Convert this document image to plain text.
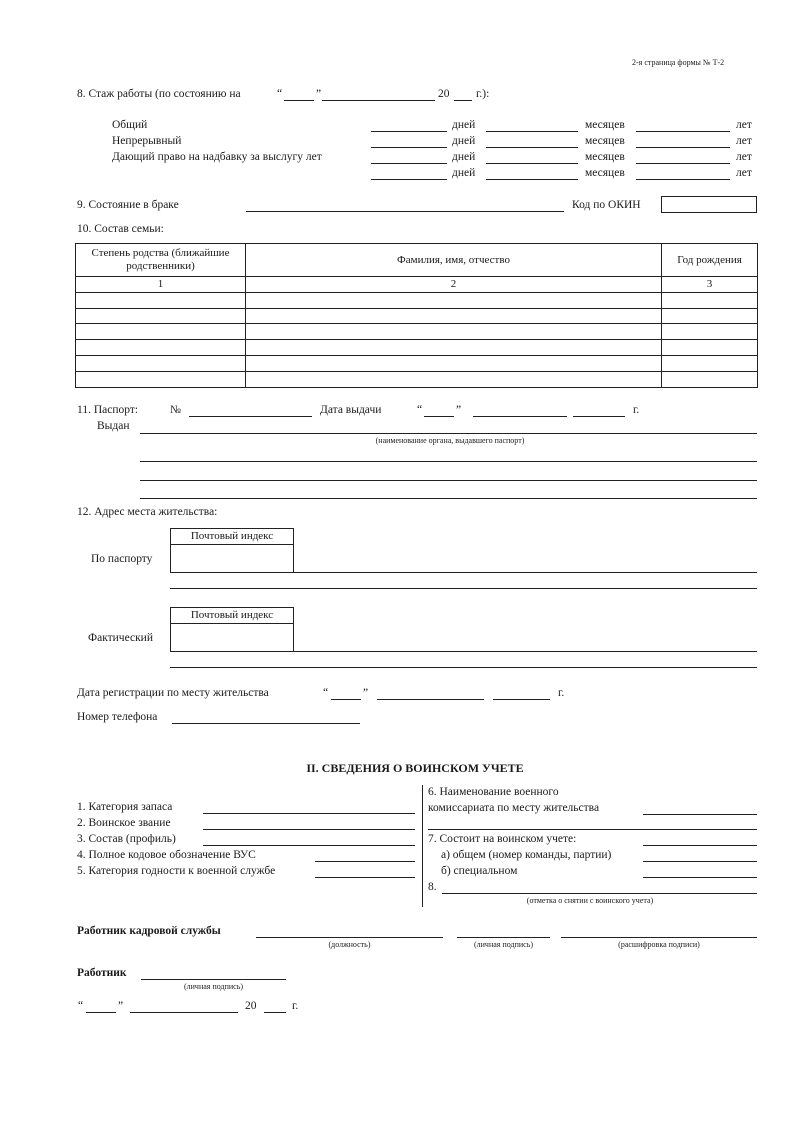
2-я страница формы № Т-2
8. Стаж работы (по состоянию на	“	”	20 г.):
Общий	дней	месяцев	лет
Непрерывный	дней	месяцев	лет
Дающий право на надбавку за выслугу лет	дней	месяцев	лет
дней	месяцев	лет
9. Состояние в браке	Код по ОКИН
10. Состав семьи:
Степень родства (ближайшие родственники)	Фамилия, имя, отчество	Год рождения
1	2	3

11. Паспорт:	№	Дата выдачи	“	”	г.
Выдан
(наименование органа, выдавшего паспорт)
12. Адрес места жительства:
Почтовый индекс
По паспорту
Почтовый индекс
Фактический
Дата регистрации по месту жительства	“	”	г.
Номер телефона
II. СВЕДЕНИЯ О ВОИНСКОМ УЧЕТЕ
1. Категория запаса
2. Воинское звание
3. Состав (профиль)
4. Полное кодовое обозначение ВУС
5. Категория годности к военной службе
6. Наименование военного
комиссариата по месту жительства
7. Состоит на воинском учете:
а) общем (номер команды, партии)
б) специальном
8.
(отметка о снятии с воинского учета)
Работник кадровой службы
(должность)	(личная подпись)	(расшифровка подписи)
Работник
(личная подпись)
“	”	20	г.
